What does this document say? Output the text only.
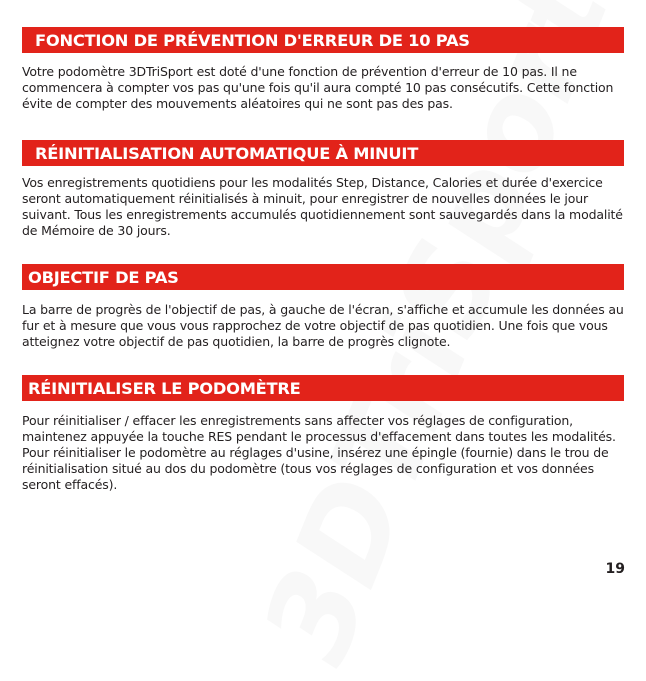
FONCTION DE PRÉVENTION D'ERREUR DE 10 PAS

Votre podomètre 3DTriSport est doté d'une fonction de prévention d'erreur de 10 pas. Il ne commencera à compter vos pas qu'une fois qu'il aura compté 10 pas consécutifs. Cette fonction évite de compter des mouvements aléatoires qui ne sont pas des pas.

RÉINITIALISATION AUTOMATIQUE À MINUIT

Vos enregistrements quotidiens pour les modalités Step, Distance, Calories et durée d'exercice seront automatiquement réinitialisés à minuit, pour enregistrer de nouvelles données le jour suivant. Tous les enregistrements accumulés quotidiennement sont sauvegardés dans la modalité de Mémoire de 30 jours.

OBJECTIF DE PAS

La barre de progrès de l'objectif de pas, à gauche de l'écran, s'affiche et accumule les données au fur et à mesure que vous vous rapprochez de votre objectif de pas quotidien. Une fois que vous atteignez votre objectif de pas quotidien, la barre de progrès clignote.

RÉINITIALISER LE PODOMÈTRE

Pour réinitialiser / effacer les enregistrements sans affecter vos réglages de configuration, maintenez appuyée la touche RES pendant le processus d'effacement dans toutes les modalités. Pour réinitialiser le podomètre au réglages d'usine, insérez une épingle (fournie) dans le trou de réinitialisation situé au dos du podomètre (tous vos réglages de configuration et vos données seront effacés).

19
